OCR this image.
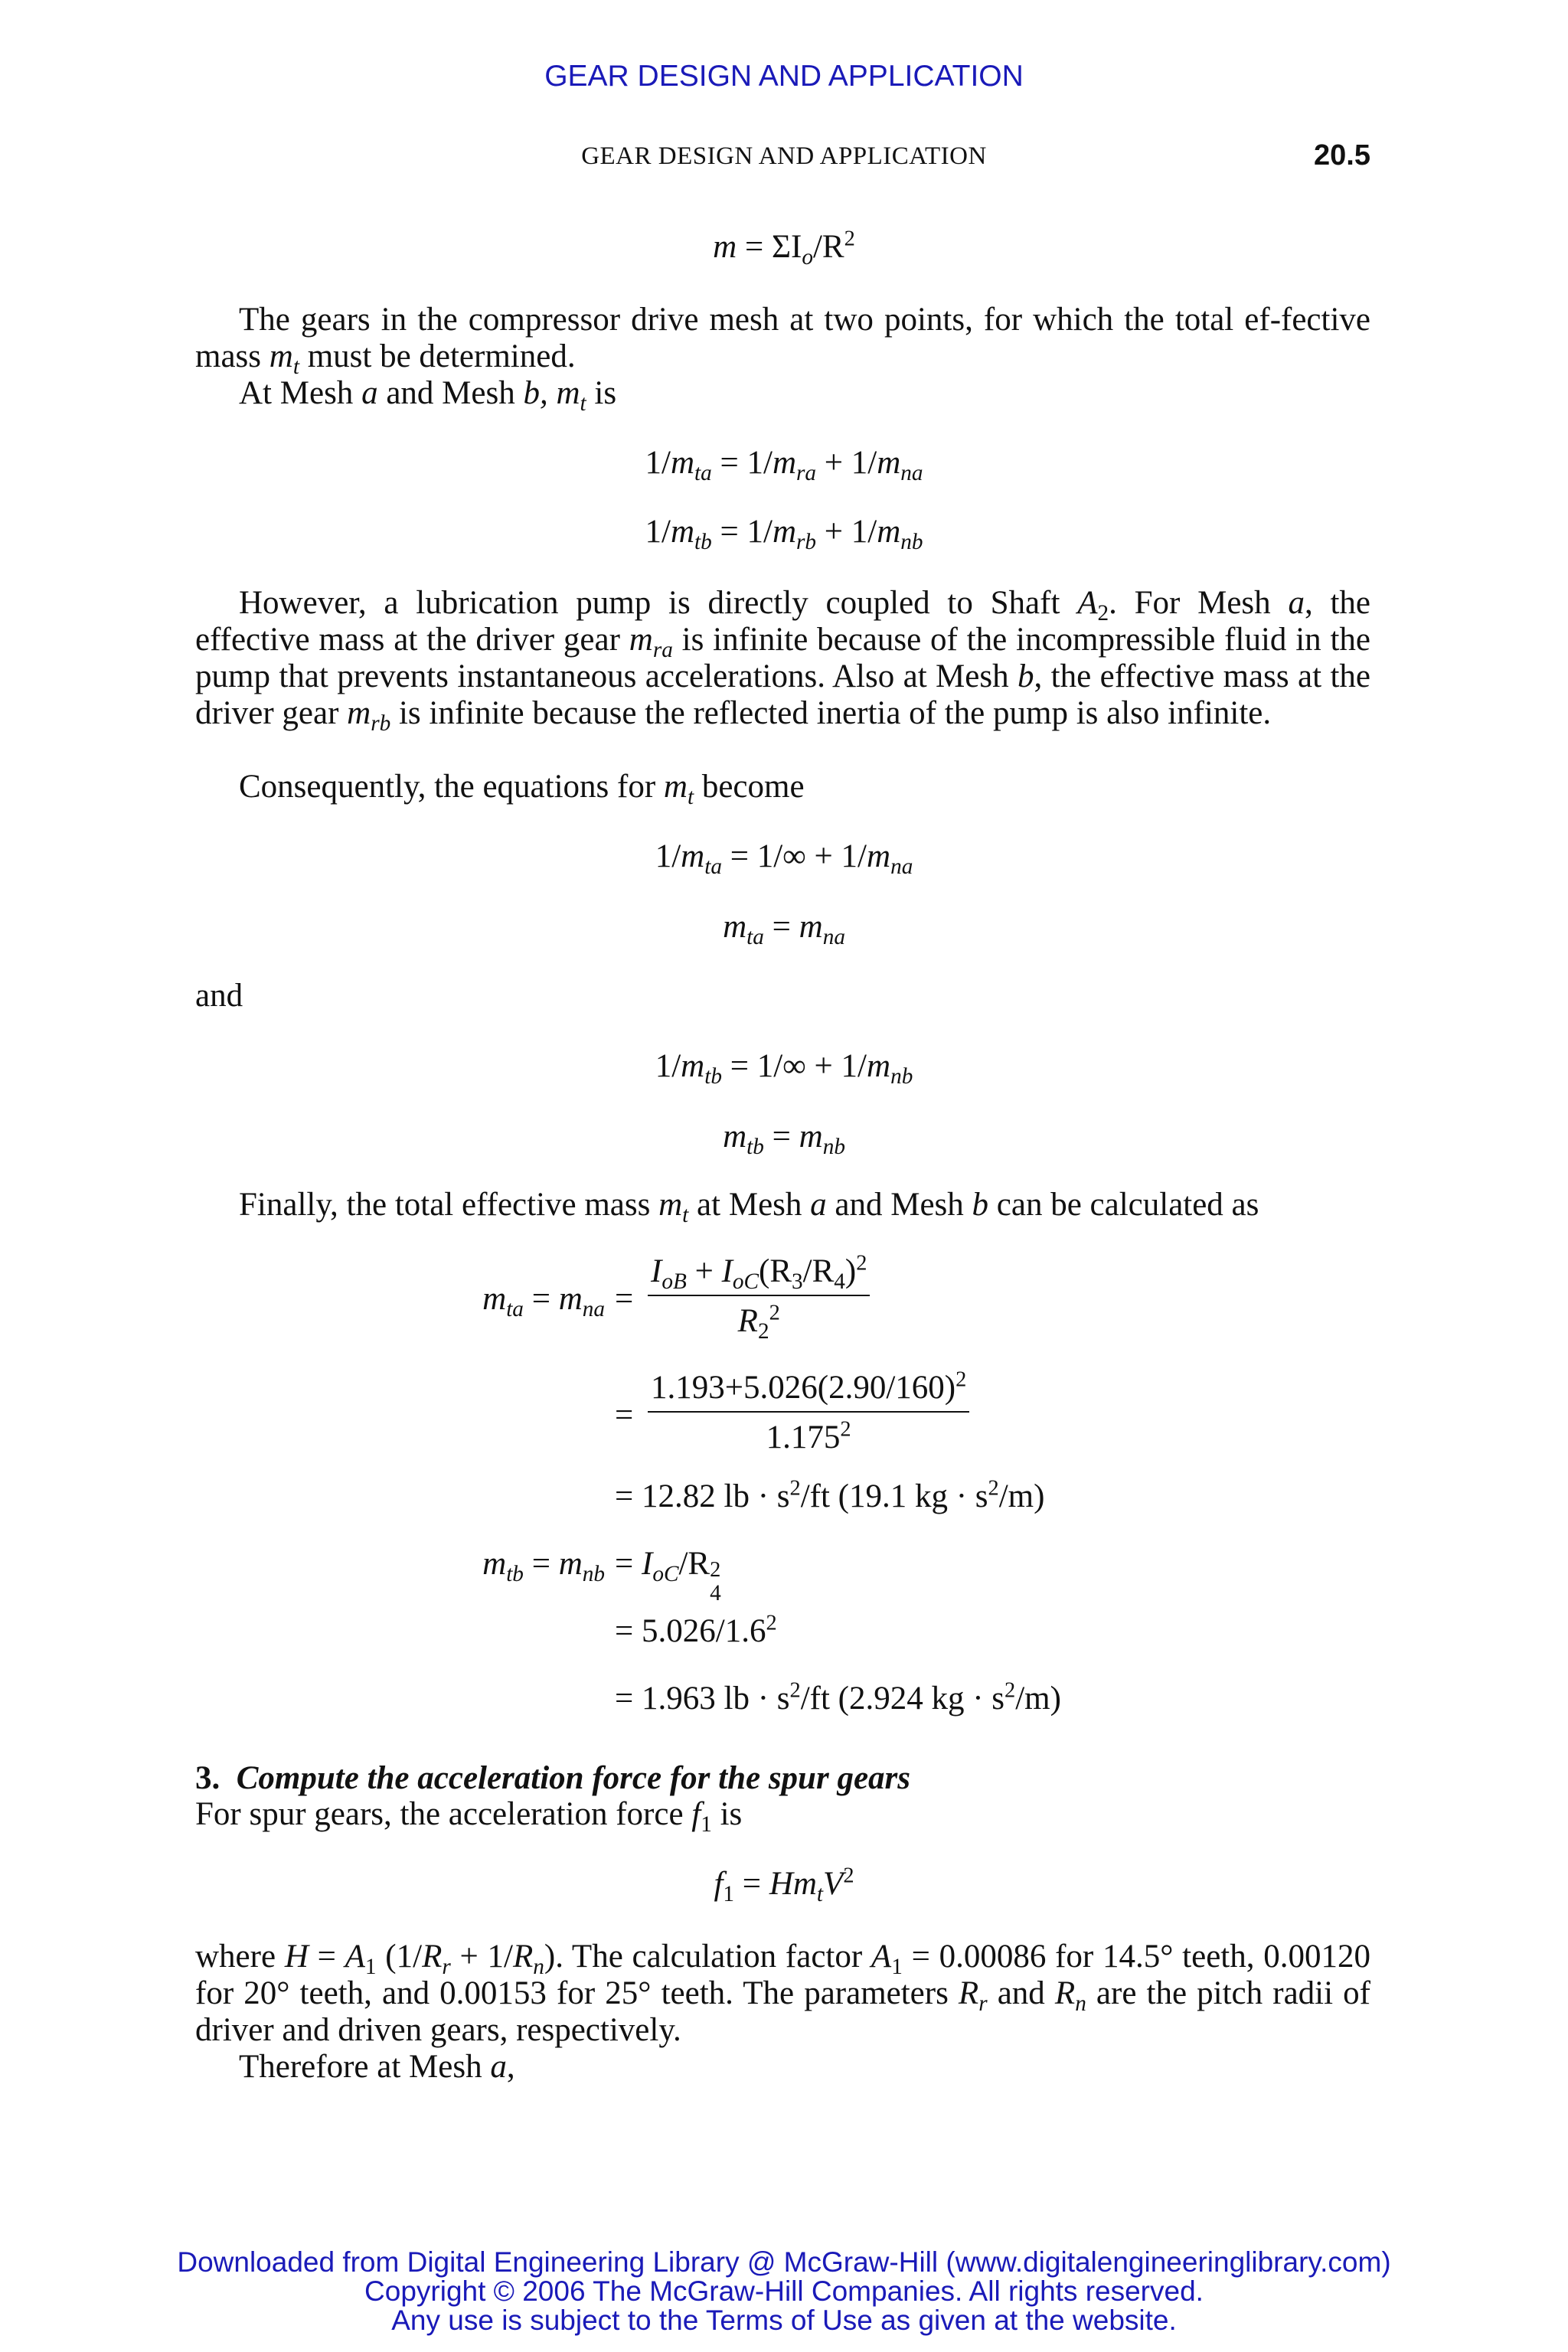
GEAR DESIGN AND APPLICATION
GEAR DESIGN AND APPLICATION	20.5
$m = \Sigma I_o/R^2$
The gears in the compressor drive mesh at two points, for which the total ef-fective mass $m_t$ must be determined.
At Mesh a and Mesh b, $m_t$ is
$1/m_{ta} = 1/m_{ra} + 1/m_{na}$
$1/m_{tb} = 1/m_{rb} + 1/m_{nb}$
However, a lubrication pump is directly coupled to Shaft $A_2$. For Mesh a, the effective mass at the driver gear $m_{ra}$ is infinite because of the incompressible fluid in the pump that prevents instantaneous accelerations. Also at Mesh b, the effective mass at the driver gear $m_{rb}$ is infinite because the reflected inertia of the pump is also infinite.
Consequently, the equations for $m_t$ become
$1/m_{ta} = 1/\infty + 1/m_{na}$
$m_{ta} = m_{na}$
and
$1/m_{tb} = 1/\infty + 1/m_{nb}$
$m_{tb} = m_{nb}$
Finally, the total effective mass $m_t$ at Mesh a and Mesh b can be calculated as
$m_{ta} = m_{na} = \frac{I_{oB} + I_{oC}(R_3/R_4)^2}{R_2^2}$
= $\frac{1.193+5.026(2.90/160)^2}{1.175^2}$
= 12.82 lb · $s^2/ft$ (19.1 kg · $s^2/m$)
$m_{tb} = m_{nb} = I_{oC}/R$ 2
4
= $5.026/1.6^2$
= 1.963 lb · $s^2/ft$ (2.924 kg · $s^2/m$)
3. Compute the acceleration force for the spur gears
For spur gears, the acceleration force $f_1$ is
$f_1 = Hm_tV^2$
where $H = A_1$ $(1/R_r + 1/R_n)$. The calculation factor $A_1 = 0.00086$ for 14.5° teeth, 0.00120 for 20° teeth, and 0.00153 for 25° teeth. The parameters $R_r$ and $R_n$ are the pitch radii of driver and driven gears, respectively.
Therefore at Mesh a,
Downloaded from Digital Engineering Library @ McGraw-Hill (www.digitalengineeringlibrary.com)
Copyright © 2006 The McGraw-Hill Companies. All rights reserved.
Any use is subject to the Terms of Use as given at the website.
